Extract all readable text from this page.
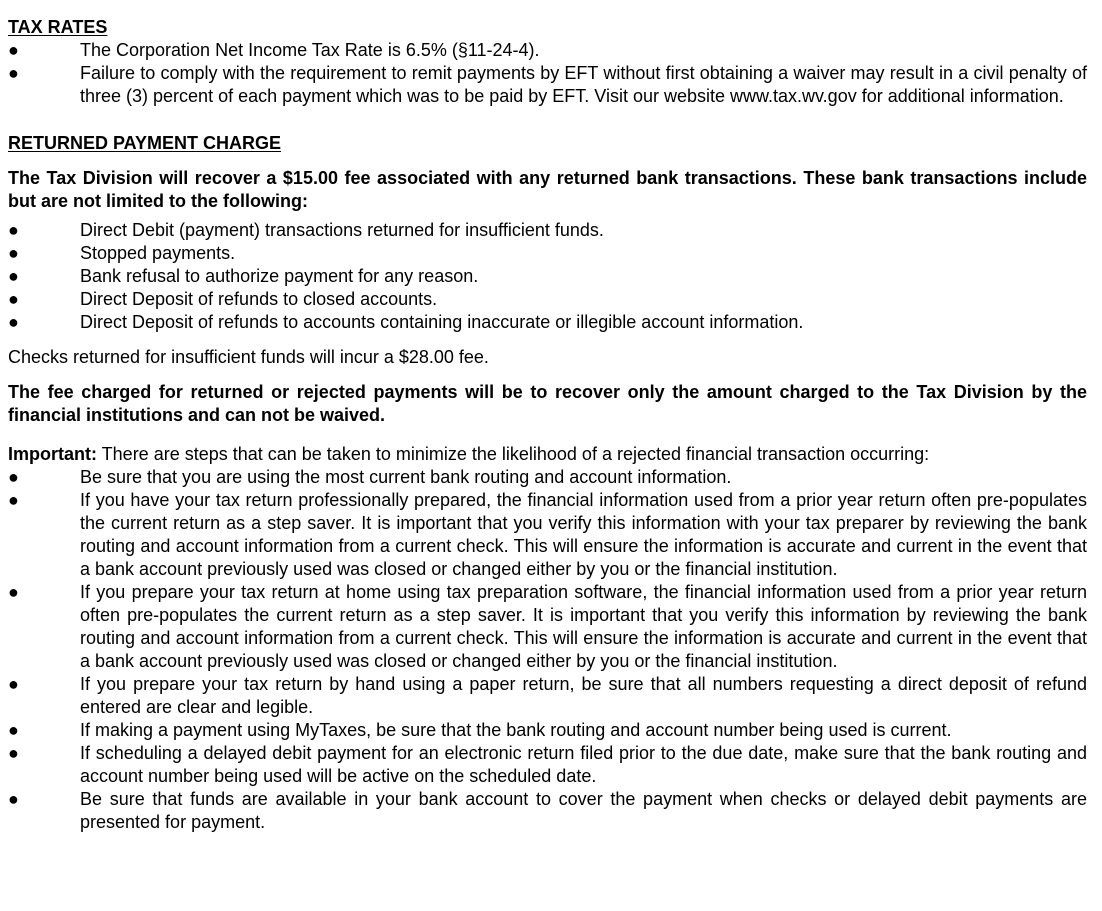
TAX RATES
●	The Corporation Net Income Tax Rate is 6.5% (§11-24-4).
●	Failure to comply with the requirement to remit payments by EFT without first obtaining a waiver may result in a civil penalty of three (3) percent of each payment which was to be paid by EFT. Visit our website www.tax.wv.gov for additional information.
RETURNED PAYMENT CHARGE

The Tax Division will recover a $15.00 fee associated with any returned bank transactions. These bank transactions include but are not limited to the following:

●	Direct Debit (payment) transactions returned for insufficient funds.
●	Stopped payments.
●	Bank refusal to authorize payment for any reason.
●	Direct Deposit of refunds to closed accounts.
●	Direct Deposit of refunds to accounts containing inaccurate or illegible account information.

Checks returned for insufficient funds will incur a $28.00 fee.

The fee charged for returned or rejected payments will be to recover only the amount charged to the Tax Division by the financial institutions and can not be waived.

Important: There are steps that can be taken to minimize the likelihood of a rejected financial transaction occurring:

●	Be sure that you are using the most current bank routing and account information.
●	If you have your tax return professionally prepared, the financial information used from a prior year return often pre-populates the current return as a step saver. It is important that you verify this information with your tax preparer by reviewing the bank routing and account information from a current check. This will ensure the information is accurate and current in the event that a bank account previously used was closed or changed either by you or the financial institution.
●	If you prepare your tax return at home using tax preparation software, the financial information used from a prior year return often pre-populates the current return as a step saver. It is important that you verify this information by reviewing the bank routing and account information from a current check. This will ensure the information is accurate and current in the event that a bank account previously used was closed or changed either by you or the financial institution.
●	If you prepare your tax return by hand using a paper return, be sure that all numbers requesting a direct deposit of refund entered are clear and legible.
●	If making a payment using MyTaxes, be sure that the bank routing and account number being used is current.
●	If scheduling a delayed debit payment for an electronic return filed prior to the due date, make sure that the bank routing and account number being used will be active on the scheduled date.
●	Be sure that funds are available in your bank account to cover the payment when checks or delayed debit payments are presented for payment.
